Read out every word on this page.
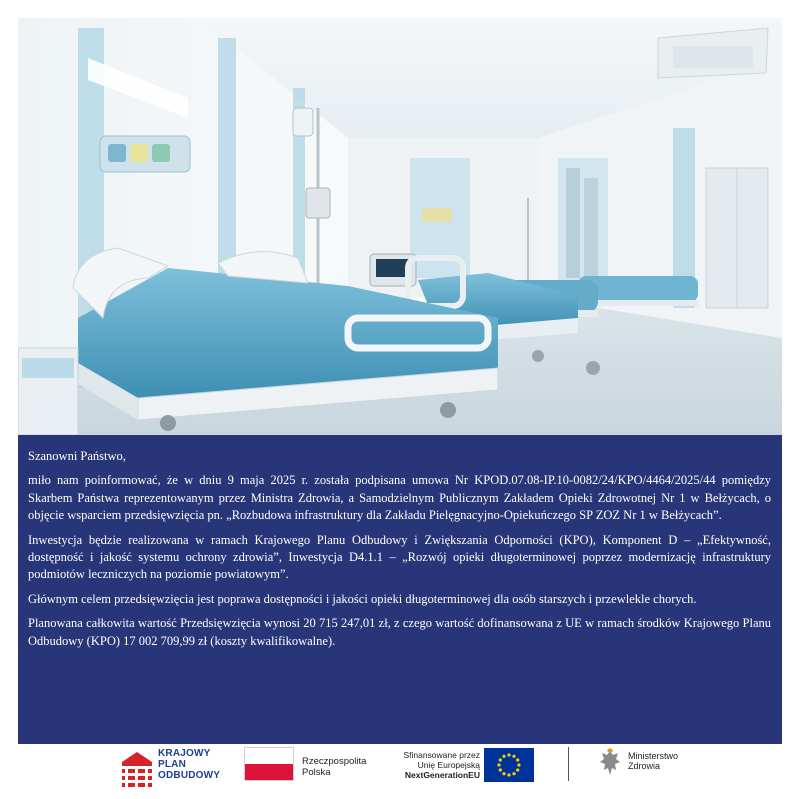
Szanowni Państwo,

miło nam poinformować, że w dniu 9 maja 2025 r. została podpisana umowa Nr KPOD.07.08-IP.10-0082/24/KPO/4464/2025/44 pomiędzy Skarbem Państwa reprezentowanym przez Ministra Zdrowia, a Samodzielnym Publicznym Zakładem Opieki Zdrowotnej Nr 1 w Bełżycach, o objęcie wsparciem przedsięwzięcia pn. „Rozbudowa infrastruktury dla Zakładu Pielęgnacyjno-Opiekuńczego SP ZOZ Nr 1 w Bełżycach”.

Inwestycja będzie realizowana w ramach Krajowego Planu Odbudowy i Zwiększania Odporności (KPO), Komponent D – „Efektywność, dostępność i jakość systemu ochrony zdrowia”, Inwestycja D4.1.1 – „Rozwój opieki długoterminowej poprzez modernizację infrastruktury podmiotów leczniczych na poziomie powiatowym”.

Głównym celem przedsięwzięcia jest poprawa dostępności i jakości opieki długoterminowej dla osób starszych i przewlekle chorych.

Planowana całkowita wartość Przedsięwzięcia wynosi 20 715 247,01 zł, z czego wartość dofinansowana z UE w ramach środków Krajowego Planu Odbudowy (KPO) 17 002 709,99 zł (koszty kwalifikowalne).

KRAJOWY
PLAN
ODBUDOWY
Rzeczpospolita
Polska
Sfinansowane przez
Unię Europejską
NextGenerationEU
Ministerstwo
Zdrowia
